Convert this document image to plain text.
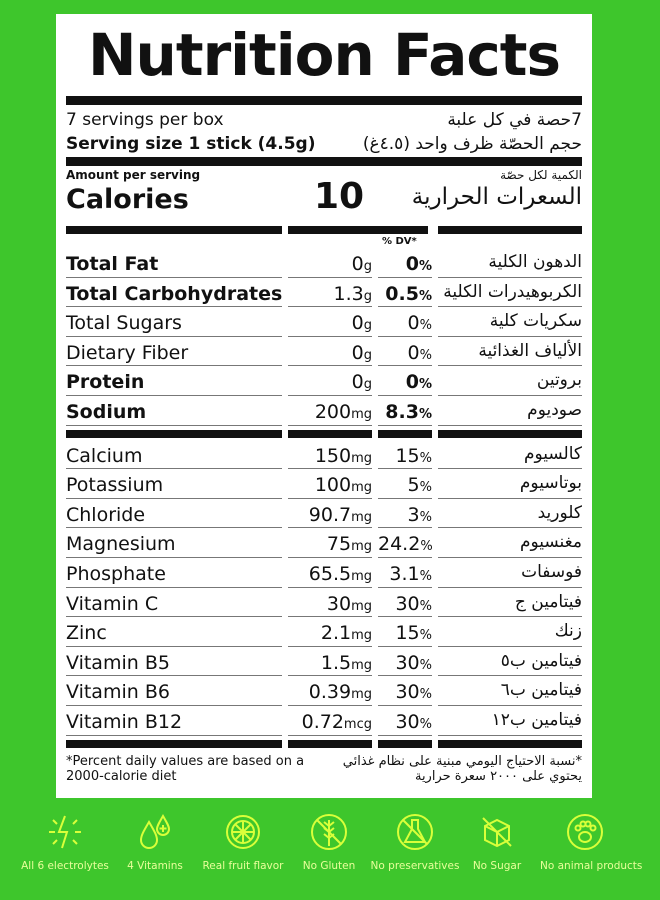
Nutrition Facts
7 servings per box	7حصة في كل علبة
Serving size 1 stick (4.5g)	حجم الحصّة ظرف واحد (٤.٥غ)
Amount per serving	الكمية لكل حصّة
Calories	10 السعرات الحرارية
% DV*
Total Fat	0g	0%	الدهون الكلية
Total Carbohydrates	1.3g 0.5% الكربوهيدرات الكلية
Total Sugars	0g	0%	سكريات كلية
Dietary Fiber	0g	0%	الألياف الغذائية
Protein	0g	0%	بروتين
Sodium	200mg 8.3%	صوديوم
Calcium	150mg	15%	كالسيوم
Potassium	100mg	5%	بوتاسيوم
Chloride	90.7mg	3%	كلوريد
Magnesium	75mg 24.2%	مغنسيوم
Phosphate	65.5mg 3.1%	فوسفات
Vitamin C	30mg	30%	فيتامين ج
Zinc	2.1mg	15%	زنك
Vitamin B5	1.5mg	30%	فيتامين ب٥
Vitamin B6	0.39mg	30%	فيتامين ب٦
Vitamin B12	0.72mcg	30%	فيتامين ب١٢
*Percent daily values are based on a 2000-calorie diet
*نسبة الاحتياج اليومي مبنية على نظام غذائي يحتوي على ٢٠٠٠ سعرة حرارية
All 6 electrolytes	4 Vitamins	Real fruit flavor	No Gluten	No preservatives	No Sugar	No animal products
